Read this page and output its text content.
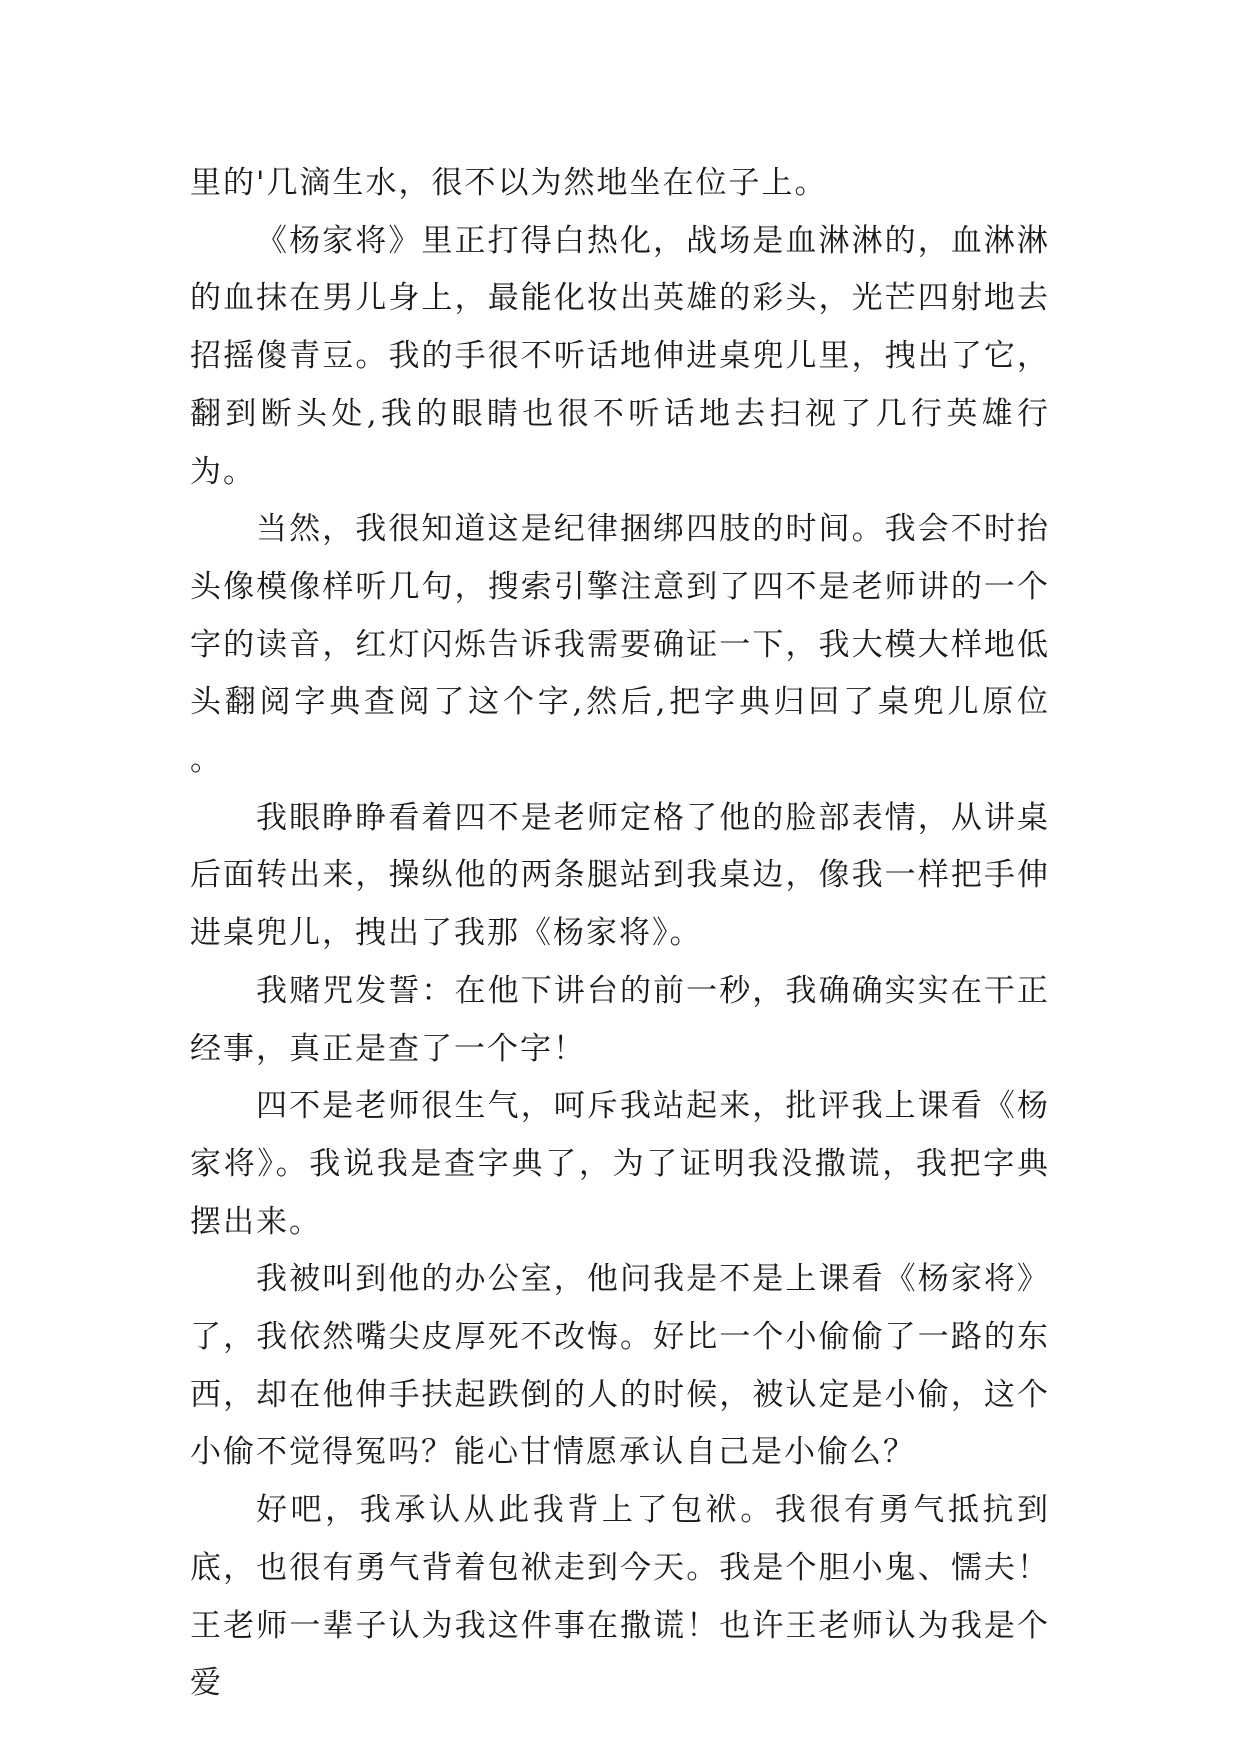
里的'几滴生水，很不以为然地坐在位子上。

《杨家将》里正打得白热化，战场是血淋淋的，血淋淋的血抹在男儿身上，最能化妆出英雄的彩头，光芒四射地去招摇傻青豆。我的手很不听话地伸进桌兜儿里，拽出了它，翻到断头处,我的眼睛也很不听话地去扫视了几行英雄行为。

当然，我很知道这是纪律捆绑四肢的时间。我会不时抬头像模像样听几句，搜索引擎注意到了四不是老师讲的一个字的读音，红灯闪烁告诉我需要确证一下，我大模大样地低头翻阅字典查阅了这个字,然后,把字典归回了桌兜儿原位 。

我眼睁睁看着四不是老师定格了他的脸部表情，从讲桌后面转出来，操纵他的两条腿站到我桌边，像我一样把手伸进桌兜儿，拽出了我那《杨家将》。

我赌咒发誓：在他下讲台的前一秒，我确确实实在干正经事，真正是查了一个字！

四不是老师很生气，呵斥我站起来，批评我上课看《杨家将》。我说我是查字典了，为了证明我没撒谎，我把字典摆出来。

我被叫到他的办公室，他问我是不是上课看《杨家将》了，我依然嘴尖皮厚死不改悔。好比一个小偷偷了一路的东西，却在他伸手扶起跌倒的人的时候，被认定是小偷，这个小偷不觉得冤吗？能心甘情愿承认自己是小偷么？

好吧，我承认从此我背上了包袱。我很有勇气抵抗到底，也很有勇气背着包袱走到今天。我是个胆小鬼、懦夫！王老师一辈子认为我这件事在撒谎！也许王老师认为我是个爱
